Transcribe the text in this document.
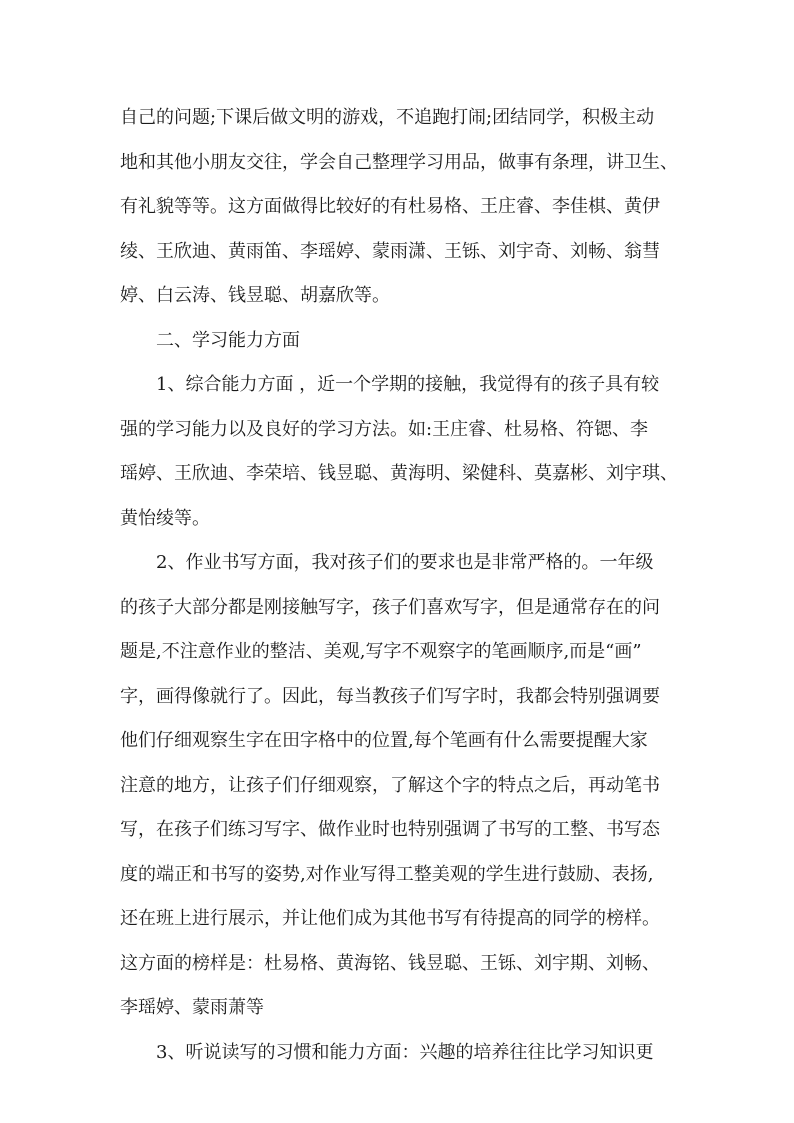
自己的问题;下课后做文明的游戏，不追跑打闹;团结同学，积极主动
地和其他小朋友交往，学会自己整理学习用品，做事有条理，讲卫生、
有礼貌等等。这方面做得比较好的有杜易格、王庄睿、李佳棋、黄伊
绫、王欣迪、黄雨笛、李瑶婷、蒙雨潇、王铄、刘宇奇、刘畅、翁彗
婷、白云涛、钱昱聪、胡嘉欣等。
二、学习能力方面
1、综合能力方面 ，近一个学期的接触，我觉得有的孩子具有较
强的学习能力以及良好的学习方法。如:王庄睿、杜易格、符锶、李
瑶婷、王欣迪、李荣培、钱昱聪、黄海明、梁健科、莫嘉彬、刘宇琪、
黄怡绫等。
2、作业书写方面，我对孩子们的要求也是非常严格的。一年级
的孩子大部分都是刚接触写字，孩子们喜欢写字，但是通常存在的问
题是,不注意作业的整洁、美观,写字不观察字的笔画顺序,而是“画”
字，画得像就行了。因此，每当教孩子们写字时，我都会特别强调要
他们仔细观察生字在田字格中的位置,每个笔画有什么需要提醒大家
注意的地方，让孩子们仔细观察，了解这个字的特点之后，再动笔书
写，在孩子们练习写字、做作业时也特别强调了书写的工整、书写态
度的端正和书写的姿势,对作业写得工整美观的学生进行鼓励、表扬,
还在班上进行展示，并让他们成为其他书写有待提高的同学的榜样。
这方面的榜样是：杜易格、黄海铭、钱昱聪、王铄、刘宇期、刘畅、
李瑶婷、蒙雨萧等
3、听说读写的习惯和能力方面：兴趣的培养往往比学习知识更
